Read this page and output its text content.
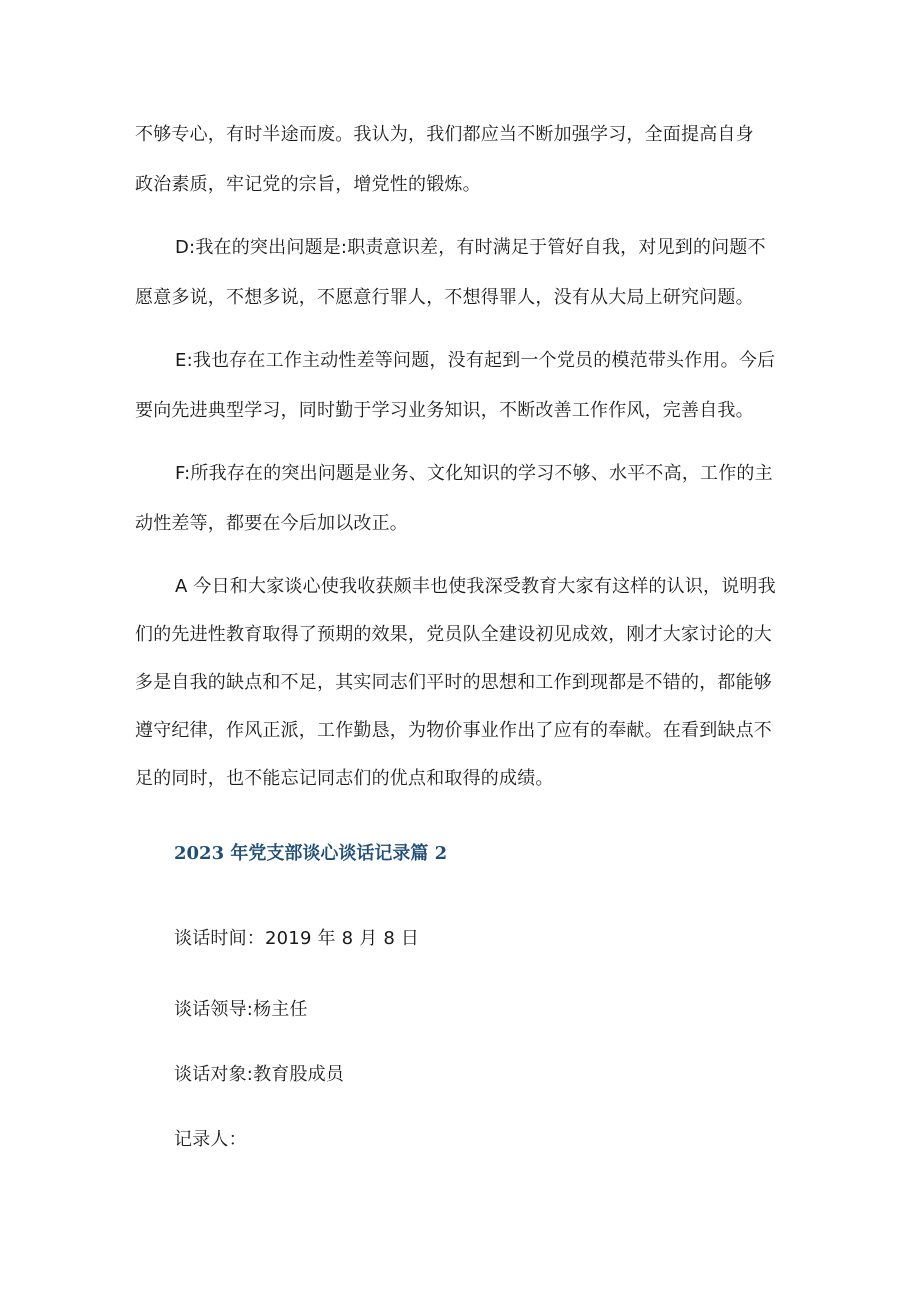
不够专心，有时半途而废。我认为，我们都应当不断加强学习，全面提高自身
政治素质，牢记党的宗旨，增党性的锻炼。
D:我在的突出问题是:职责意识差，有时满足于管好自我，对见到的问题不
愿意多说，不想多说，不愿意行罪人，不想得罪人，没有从大局上研究问题。
E:我也存在工作主动性差等问题，没有起到一个党员的模范带头作用。今后
要向先进典型学习，同时勤于学习业务知识，不断改善工作作风，完善自我。
F:所我存在的突出问题是业务、文化知识的学习不够、水平不高，工作的主
动性差等，都要在今后加以改正。
A 今日和大家谈心使我收获颇丰也使我深受教育大家有这样的认识，说明我
们的先进性教育取得了预期的效果，党员队全建设初见成效，刚才大家讨论的大
多是自我的缺点和不足，其实同志们平时的思想和工作到现都是不错的，都能够
遵守纪律，作风正派，工作勤恳，为物价事业作出了应有的奉献。在看到缺点不
足的同时，也不能忘记同志们的优点和取得的成绩。
2023 年党支部谈心谈话记录篇 2
谈话时间：2019 年 8 月 8 日
谈话领导:杨主任
谈话对象:教育股成员
记录人：
